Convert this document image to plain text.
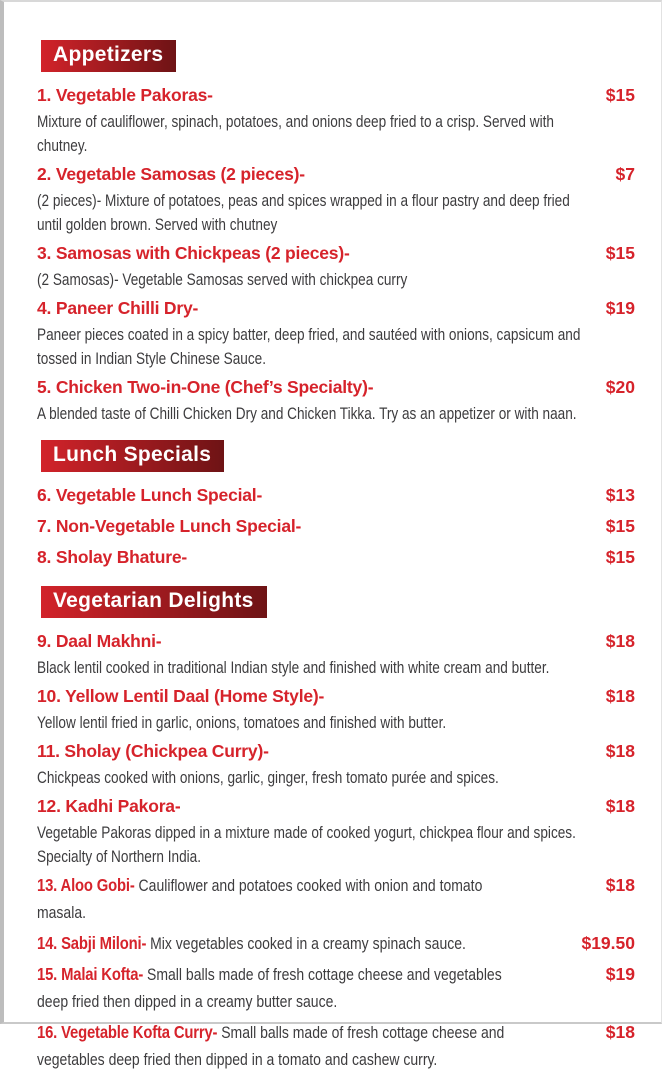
Appetizers
1. Vegetable Pakoras-	$15

Mixture of cauliflower, spinach, potatoes, and onions deep fried to a crisp. Served with chutney.

2. Vegetable Samosas (2 pieces)-	$7

(2 pieces)- Mixture of potatoes, peas and spices wrapped in a flour pastry and deep fried until golden brown. Served with chutney

3. Samosas with Chickpeas (2 pieces)-	$15

(2 Samosas)- Vegetable Samosas served with chickpea curry

4. Paneer Chilli Dry-	$19

Paneer pieces coated in a spicy batter, deep fried, and sautéed with onions, capsicum and tossed in Indian Style Chinese Sauce.

5. Chicken Two-in-One (Chef’s Specialty)-	$20

A blended taste of Chilli Chicken Dry and Chicken Tikka. Try as an appetizer or with naan.

Lunch Specials
6. Vegetable Lunch Special-	$13
7. Non-Vegetable Lunch Special-	$15
8. Sholay Bhature-	$15
Vegetarian Delights
9. Daal Makhni-	$18

Black lentil cooked in traditional Indian style and finished with white cream and butter.

10. Yellow Lentil Daal (Home Style)-	$18

Yellow lentil fried in garlic, onions, tomatoes and finished with butter.

11. Sholay (Chickpea Curry)-	$18

Chickpeas cooked with onions, garlic, ginger, fresh tomato purée and spices.

12. Kadhi Pakora-	$18

Vegetable Pakoras dipped in a mixture made of cooked yogurt, chickpea flour and spices. Specialty of Northern India.

13. Aloo Gobi- Cauliflower and potatoes cooked with onion and tomato masala.
$18
14. Sabji Miloni- Mix vegetables cooked in a creamy spinach sauce.	$19.50
15. Malai Kofta- Small balls made of fresh cottage cheese and vegetables deep fried then dipped in a creamy butter sauce.
$19
16. Vegetable Kofta Curry- Small balls made of fresh cottage cheese and vegetables deep fried then dipped in a tomato and cashew curry.
$18
